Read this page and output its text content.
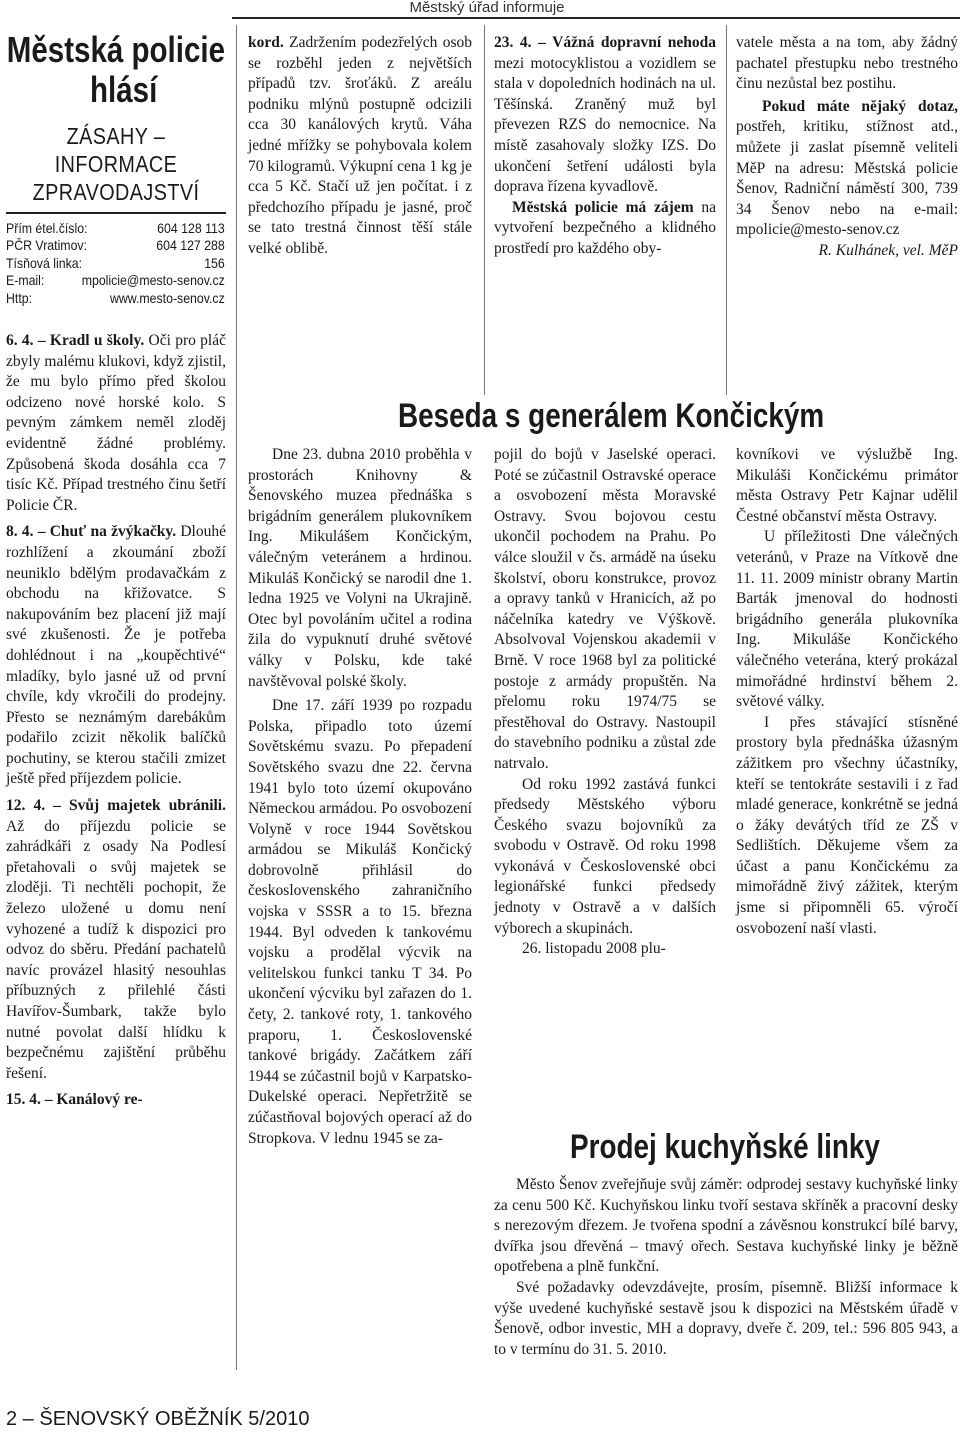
Městský úřad informuje
Městská policie
hlásí
ZÁSAHY – INFORMACE
ZPRAVODAJSTVÍ
Přím étel.číslo:	604 128 113
PČR Vratimov:	604 127 288
Tísňová linka:	156
E-mail:	mpolicie@mesto-senov.cz
Http:	www.mesto-senov.cz

6. 4. – Kradl u školy. Oči pro pláč zbyly malému klukovi, když zjistil, že mu bylo přímo před školou odcizeno nové horské kolo. S pevným zámkem neměl zloděj evidentně žádné problémy. Způsobená škoda dosáhla cca 7 tisíc Kč. Případ trestného činu šetří Policie ČR.

8. 4. – Chuť na žvýkačky. Dlouhé rozhlížení a zkoumání zboží neuniklo bdělým prodavačkám z obchodu na křižovatce. S nakupováním bez placení již mají své zkušenosti. Že je potřeba dohlédnout i na „koupěchtivé“ mladíky, bylo jasné už od první chvíle, kdy vkročili do prodejny. Přesto se neznámým darebákům podařilo zcizit několik balíčků pochutiny, se kterou stačili zmizet ještě před příjezdem policie.

12. 4. – Svůj majetek ubránili. Až do příjezdu policie se zahrádkáři z osady Na Podlesí přetahovali o svůj majetek se zloději. Ti nechtěli pochopit, že železo uložené u domu není vyhozené a tudíž k dispozici pro odvoz do sběru. Předání pachatelů navíc provázel hlasitý nesouhlas příbuzných z přilehlé části Havířov-Šumbark, takže bylo nutné povolat další hlídku k bezpečnému zajištění průběhu řešení.

15. 4. – Kanálový re-

kord. Zadržením podezřelých osob se rozběhl jeden z největších případů tzv. šroťáků. Z areálu podniku mlýnů postupně odcizili cca 30 kanálových krytů. Váha jedné mřížky se pohybovala kolem 70 kilogramů. Výkupní cena 1 kg je cca 5 Kč. Stačí už jen počítat. i z předchozího případu je jasné, proč se tato trestná činnost těší stále velké oblibě.

23. 4. – Vážná dopravní nehoda mezi motocyklistou a vozidlem se stala v dopoledních hodinách na ul. Těšínská. Zraněný muž byl převezen RZS do nemocnice. Na místě zasahovaly složky IZS. Do ukončení šetření události byla doprava řízena kyvadlově.

Městská policie má zájem na vytvoření bezpečného a klidného prostředí pro každého oby-

vatele města a na tom, aby žádný pachatel přestupku nebo trestného činu nezůstal bez postihu.

Pokud máte nějaký dotaz, postřeh, kritiku, stížnost atd., můžete ji zaslat písemně veliteli MěP na adresu: Městská policie Šenov, Radniční náměstí 300, 739 34 Šenov nebo na e-mail: mpolicie@mesto-senov.cz

R. Kulhánek, vel. MěP

Beseda s generálem Končickým

Dne 23. dubna 2010 proběhla v prostorách Knihovny & Šenovského muzea přednáška s brigádním generálem plukovníkem Ing. Mikulášem Končickým, válečným veteránem a hrdinou. Mikuláš Končický se narodil dne 1. ledna 1925 ve Volyni na Ukrajině. Otec byl povoláním učitel a rodina žila do vypuknutí druhé světové války v Polsku, kde také navštěvoval polské školy.

Dne 17. září 1939 po rozpadu Polska, připadlo toto území Sovětskému svazu. Po přepadení Sovětského svazu dne 22. června 1941 bylo toto území okupováno Německou armádou. Po osvobození Volyně v roce 1944 Sovětskou armádou se Mikuláš Končický dobrovolně přihlásil do československého zahraničního vojska v SSSR a to 15. března 1944. Byl odveden k tankovému vojsku a prodělal výcvik na velitelskou funkci tanku T 34. Po ukončení výcviku byl zařazen do 1. čety, 2. tankové roty, 1. tankového praporu, 1. Československé tankové brigády. Začátkem září 1944 se zúčastnil bojů v Karpatsko-Dukelské operaci. Nepřetržitě se zúčastňoval bojových operací až do Stropkova. V lednu 1945 se za-

pojil do bojů v Jaselské operaci. Poté se zúčastnil Ostravské operace a osvobození města Moravské Ostravy. Svou bojovou cestu ukončil pochodem na Prahu. Po válce sloužil v čs. armádě na úseku školství, oboru konstrukce, provoz a opravy tanků v Hranicích, až po náčelníka katedry ve Výškově. Absolvoval Vojenskou akademii v Brně. V roce 1968 byl za politické postoje z armády propuštěn. Na přelomu roku 1974/75 se přestěhoval do Ostravy. Nastoupil do stavebního podniku a zůstal zde natrvalo.

Od roku 1992 zastává funkci předsedy Městského výboru Českého svazu bojovníků za svobodu v Ostravě. Od roku 1998 vykonává v Československé obci legionářské funkci předsedy jednoty v Ostravě a v dalších výborech a skupinách.

26. listopadu 2008 plu-

kovníkovi ve výslužbě Ing. Mikuláši Končickému primátor města Ostravy Petr Kajnar udělil Čestné občanství města Ostravy.

U příležitosti Dne válečných veteránů, v Praze na Vítkově dne 11. 11. 2009 ministr obrany Martin Barták jmenoval do hodnosti brigádního generála plukovníka Ing. Mikuláše Končického válečného veterána, který prokázal mimořádné hrdinství během 2. světové války.

I přes stávající stísněné prostory byla přednáška úžasným zážitkem pro všechny účastníky, kteří se tentokráte sestavili i z řad mladé generace, konkrétně se jedná o žáky devátých tříd ze ZŠ v Sedlištích. Děkujeme všem za účast a panu Končickému za mimořádně živý zážitek, kterým jsme si připomněli 65. výročí osvobození naší vlasti.

Prodej kuchyňské linky

Město Šenov zveřejňuje svůj záměr: odprodej sestavy kuchyňské linky za cenu 500 Kč. Kuchyňskou linku tvoří sestava skříněk a pracovní desky s nerezovým dřezem. Je tvořena spodní a závěsnou konstrukcí bílé barvy, dvířka jsou dřevěná – tmavý ořech. Sestava kuchyňské linky je běžně opotřebena a plně funkční.

Své požadavky odevzdávejte, prosím, písemně. Bližší informace k výše uvedené kuchyňské sestavě jsou k dispozici na Městském úřadě v Šenově, odbor investic, MH a dopravy, dveře č. 209, tel.: 596 805 943, a to v termínu do 31. 5. 2010.

2 – ŠENOVSKÝ OBĚŽNÍK 5/2010
